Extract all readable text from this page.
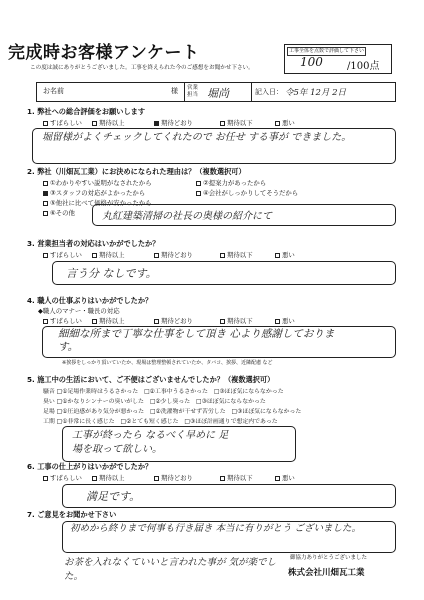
完成時お客様アンケート
この度は誠にありがとうございました。工事を終えられた今のご感想をお聞かせ下さい。
工事全体を点数で評価して下さい
100 /100点
お名前	様 営業担当 堀尚	記入日： 令5年 12月 2日
1. 弊社への総合評価をお願いします
すばらしい	期待以上	期待どおり	期待以下	悪い
堀留様がよくチェックしてくれたので お任せ する事が できました。
2. 弊社（川畑瓦工業）にお決めになられた理由は？（複数選択可）
①わかりやすい説明がなされたから	②提案力があったから
③スタッフの対応がよかったから	④会社がしっかりしてそうだから
⑤他社に比べて価格が安かったから
⑥その他	丸紅建築清掃の社長の奥様の紹介にて
3. 営業担当者の対応はいかがでしたか？
すばらしい	期待以上	期待どおり	期待以下	悪い
言う分 なしです。
4. 職人の仕事ぶりはいかがでしたか？
◆職人のマナー・職長の対応
すばらしい	期待以上	期待どおり	期待以下	悪い
細細な所まで丁寧な仕事をして頂き 心より感謝しております。
※挨拶をしっかり頂いていたか、現場は整理整頓されていたか、タバコ、挨拶、近隣配慮 など
5. 施工中の生活において、ご不便はございませんでしたか？（複数選択可）
騒音 □①足場作業時はうるさかった　□②工事中うるさかった　□③ほぼ気にならなかった
臭い □①かなりシンナーの臭いがした　□②少し臭った　□③ほぼ気にならなかった
足場 □①圧迫感があり気分が悪かった　□②洗濯物が干せず苦労した　□③ほぼ気にならなかった
工期 □①非常に長く感じた　□②とても短く感じた　□③ほぼ計画通りで想定内であった
工事が終ったら なるべく早めに 足場を取って欲しい。
6. 工事の仕上がりはいかがでしたか？
すばらしい	期待以上	期待どおり	期待以下	悪い
満足です。
7. ご意見をお聞かせ下さい
初めから終りまで何事も行き届き 本当に有りがとう ございました。
お茶を入れなくていいと言われた事が 気が楽でした。
御協力ありがとうございました
株式会社川畑瓦工業
